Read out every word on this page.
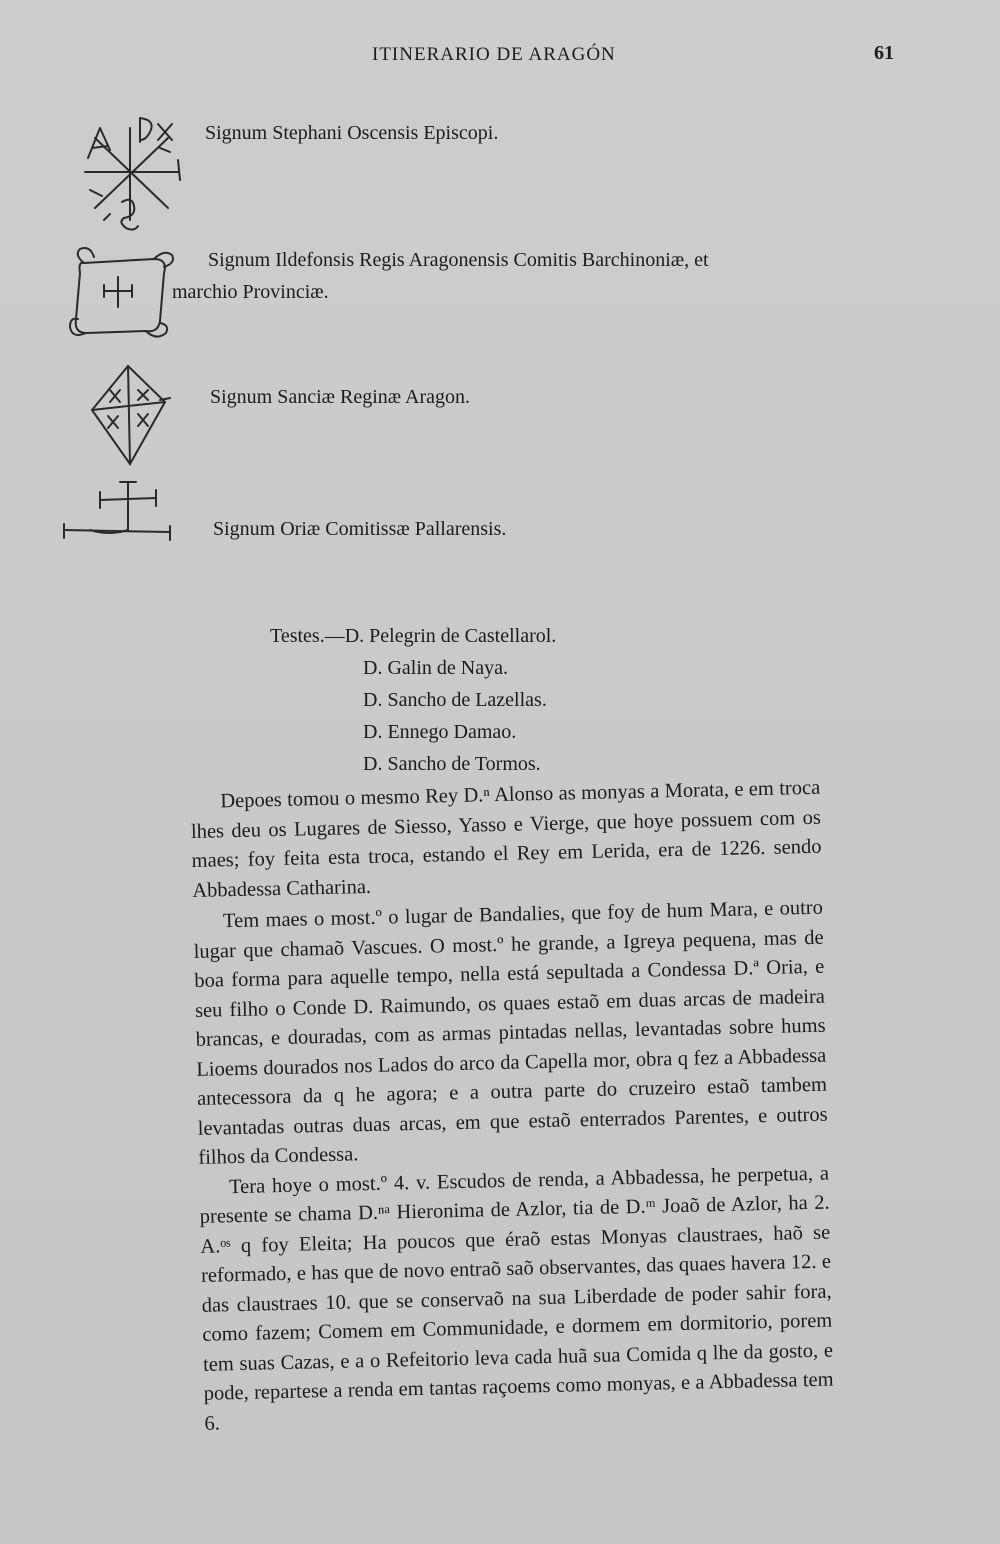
ITINERARIO DE ARAGÓN	61
Signum Stephani Oscensis Episcopi.
Signum Ildefonsis Regis Aragonensis Comitis Barchinoniæ, et
marchio Provinciæ.
Signum Sanciæ Reginæ Aragon.
Signum Oriæ Comitissæ Pallarensis.
Testes.—D. Pelegrin de Castellarol.
D. Galin de Naya.
D. Sancho de Lazellas.
D. Ennego Damao.
D. Sancho de Tormos.

Depoes tomou o mesmo Rey D.ⁿ Alonso as monyas a Morata, e em troca lhes deu os Lugares de Siesso, Yasso e Vierge, que hoye possuem com os maes; foy feita esta troca, estando el Rey em Lerida, era de 1226. sendo Abbadessa Catharina.

Tem maes o most.º o lugar de Bandalies, que foy de hum Mara, e outro lugar que chamaõ Vascues. O most.º he grande, a Igreya pequena, mas de boa forma para aquelle tempo, nella está sepultada a Condessa D.ª Oria, e seu filho o Conde D. Raimundo, os quaes estaõ em duas arcas de madeira brancas, e douradas, com as armas pintadas nellas, levantadas sobre hums Lioems dourados nos Lados do arco da Capella mor, obra q fez a Abbadessa antecessora da q he agora; e a outra parte do cruzeiro estaõ tambem levantadas outras duas arcas, em que estaõ enterrados Parentes, e outros filhos da Condessa.

Tera hoye o most.º 4. v. Escudos de renda, a Abbadessa, he perpetua, a presente se chama D.ⁿᵃ Hieronima de Azlor, tia de D.ᵐ Joaõ de Azlor, ha 2. A.ᵒˢ q foy Eleita; Ha poucos que éraõ estas Monyas claustraes, haõ se reformado, e has que de novo entraõ saõ observantes, das quaes havera 12. e das claustraes 10. que se conservaõ na sua Liberdade de poder sahir fora, como fazem; Comem em Communidade, e dormem em dormitorio, porem tem suas Cazas, e a o Refeitorio leva cada huã sua Comida q lhe da gosto, e pode, repartese a renda em tantas raçoems como monyas, e a Abbadessa tem 6.
